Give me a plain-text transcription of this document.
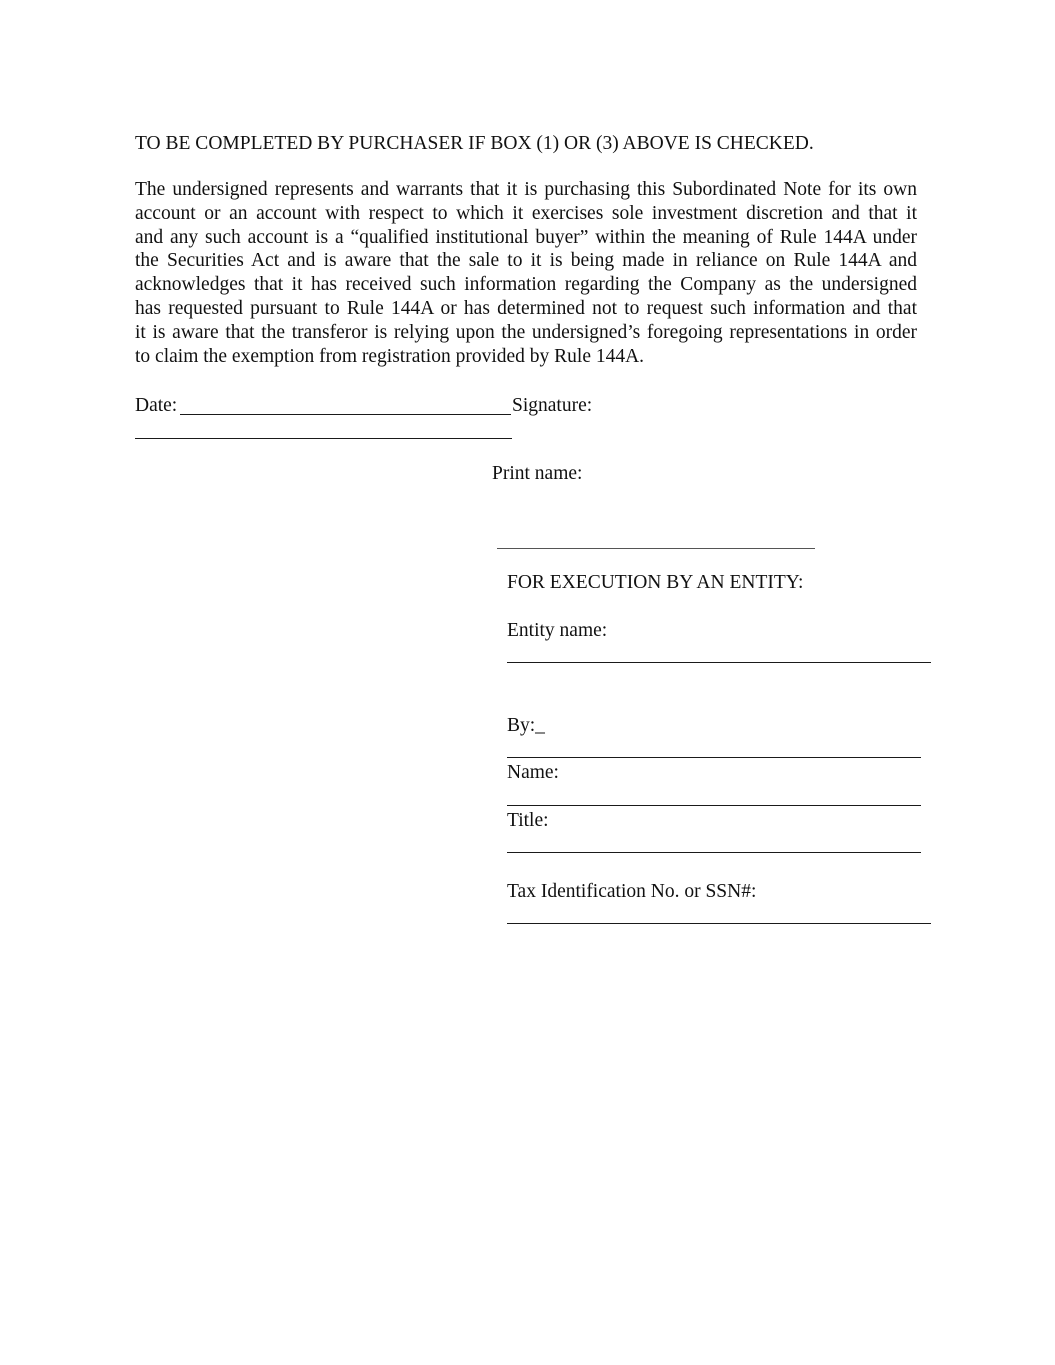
TO BE COMPLETED BY PURCHASER IF BOX (1) OR (3) ABOVE IS CHECKED.
The undersigned represents and warrants that it is purchasing this Subordinated Note for its own
account or an account with respect to which it exercises sole investment discretion and that it
and any such account is a “qualified institutional buyer” within the meaning of Rule 144A under
the Securities Act and is aware that the sale to it is being made in reliance on Rule 144A and
acknowledges that it has received such information regarding the Company as the undersigned
has requested pursuant to Rule 144A or has determined not to request such information and that
it is aware that the transferor is relying upon the undersigned’s foregoing representations in order
to claim the exemption from registration provided by Rule 144A.
Date:	Signature:
Print name:
FOR EXECUTION BY AN ENTITY:
Entity name:
By:_
Name:
Title:
Tax Identification No. or SSN#:
